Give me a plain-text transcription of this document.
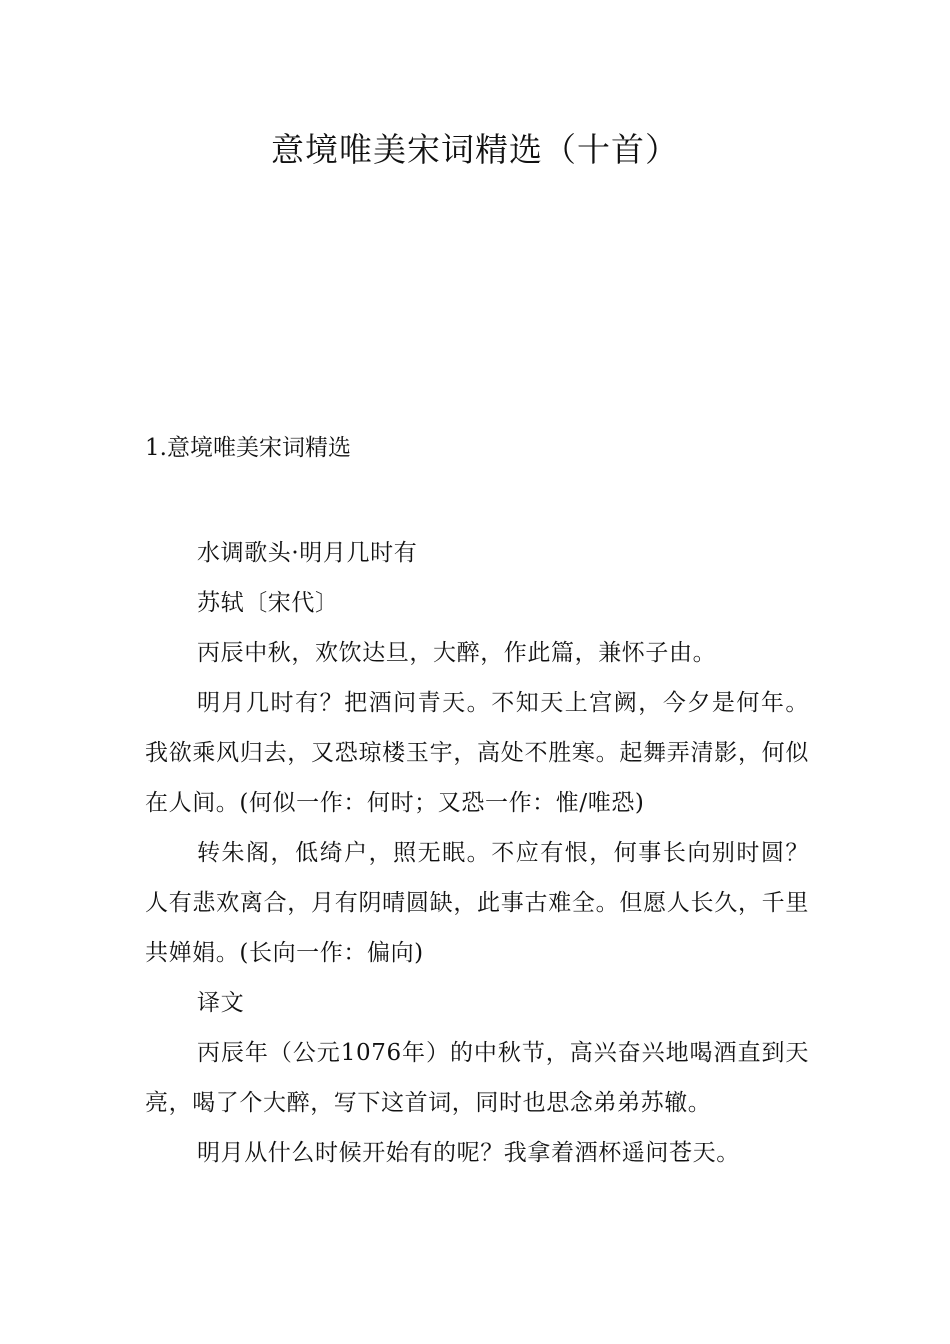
意境唯美宋词精选（十首）
1.意境唯美宋词精选

水调歌头·明月几时有

苏轼〔宋代〕

丙辰中秋，欢饮达旦，大醉，作此篇，兼怀子由。

明月几时有？把酒问青天。不知天上宫阙，今夕是何年。我欲乘风归去，又恐琼楼玉宇，高处不胜寒。起舞弄清影，何似在人间。(何似一作：何时；又恐一作：惟/唯恐)

转朱阁，低绮户，照无眠。不应有恨，何事长向别时圆？人有悲欢离合，月有阴晴圆缺，此事古难全。但愿人长久，千里共婵娟。(长向一作：偏向)

译文

丙辰年（公元1076年）的中秋节，高兴奋兴地喝酒直到天亮，喝了个大醉，写下这首词，同时也思念弟弟苏辙。

明月从什么时候开始有的呢？我拿着酒杯遥问苍天。
